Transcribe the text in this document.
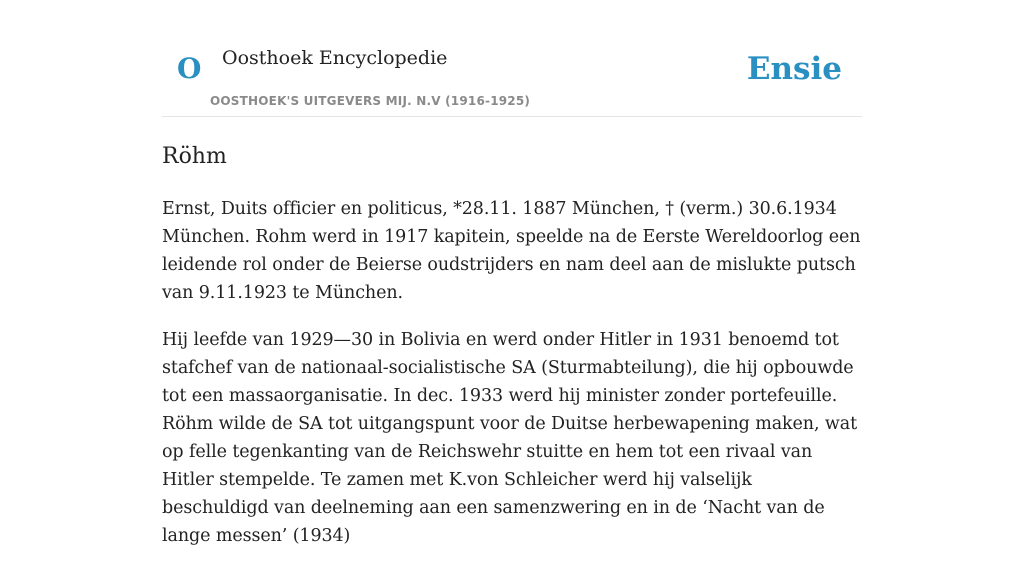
O Oosthoek Encyclopedie
OOSTHOEK'S UITGEVERS MIJ. N.V (1916-1925)
Ensie
Röhm

Ernst, Duits officier en politicus, *28.11. 1887 München, † (verm.) 30.6.1934 München. Rohm werd in 1917 kapitein, speelde na de Eerste Wereldoorlog een leidende rol onder de Beierse oudstrijders en nam deel aan de mislukte putsch van 9.11.1923 te München.

Hij leefde van 1929—30 in Bolivia en werd onder Hitler in 1931 benoemd tot stafchef van de nationaal-socialistische SA (Sturmabteilung), die hij opbouwde tot een massaorganisatie. In dec. 1933 werd hij minister zonder portefeuille. Röhm wilde de SA tot uitgangspunt voor de Duitse herbewapening maken, wat op felle tegenkanting van de Reichswehr stuitte en hem tot een rivaal van Hitler stempelde. Te zamen met K.von Schleicher werd hij valselijk beschuldigd van deelneming aan een samenzwering en in de ‘Nacht van de lange messen’ (1934)
